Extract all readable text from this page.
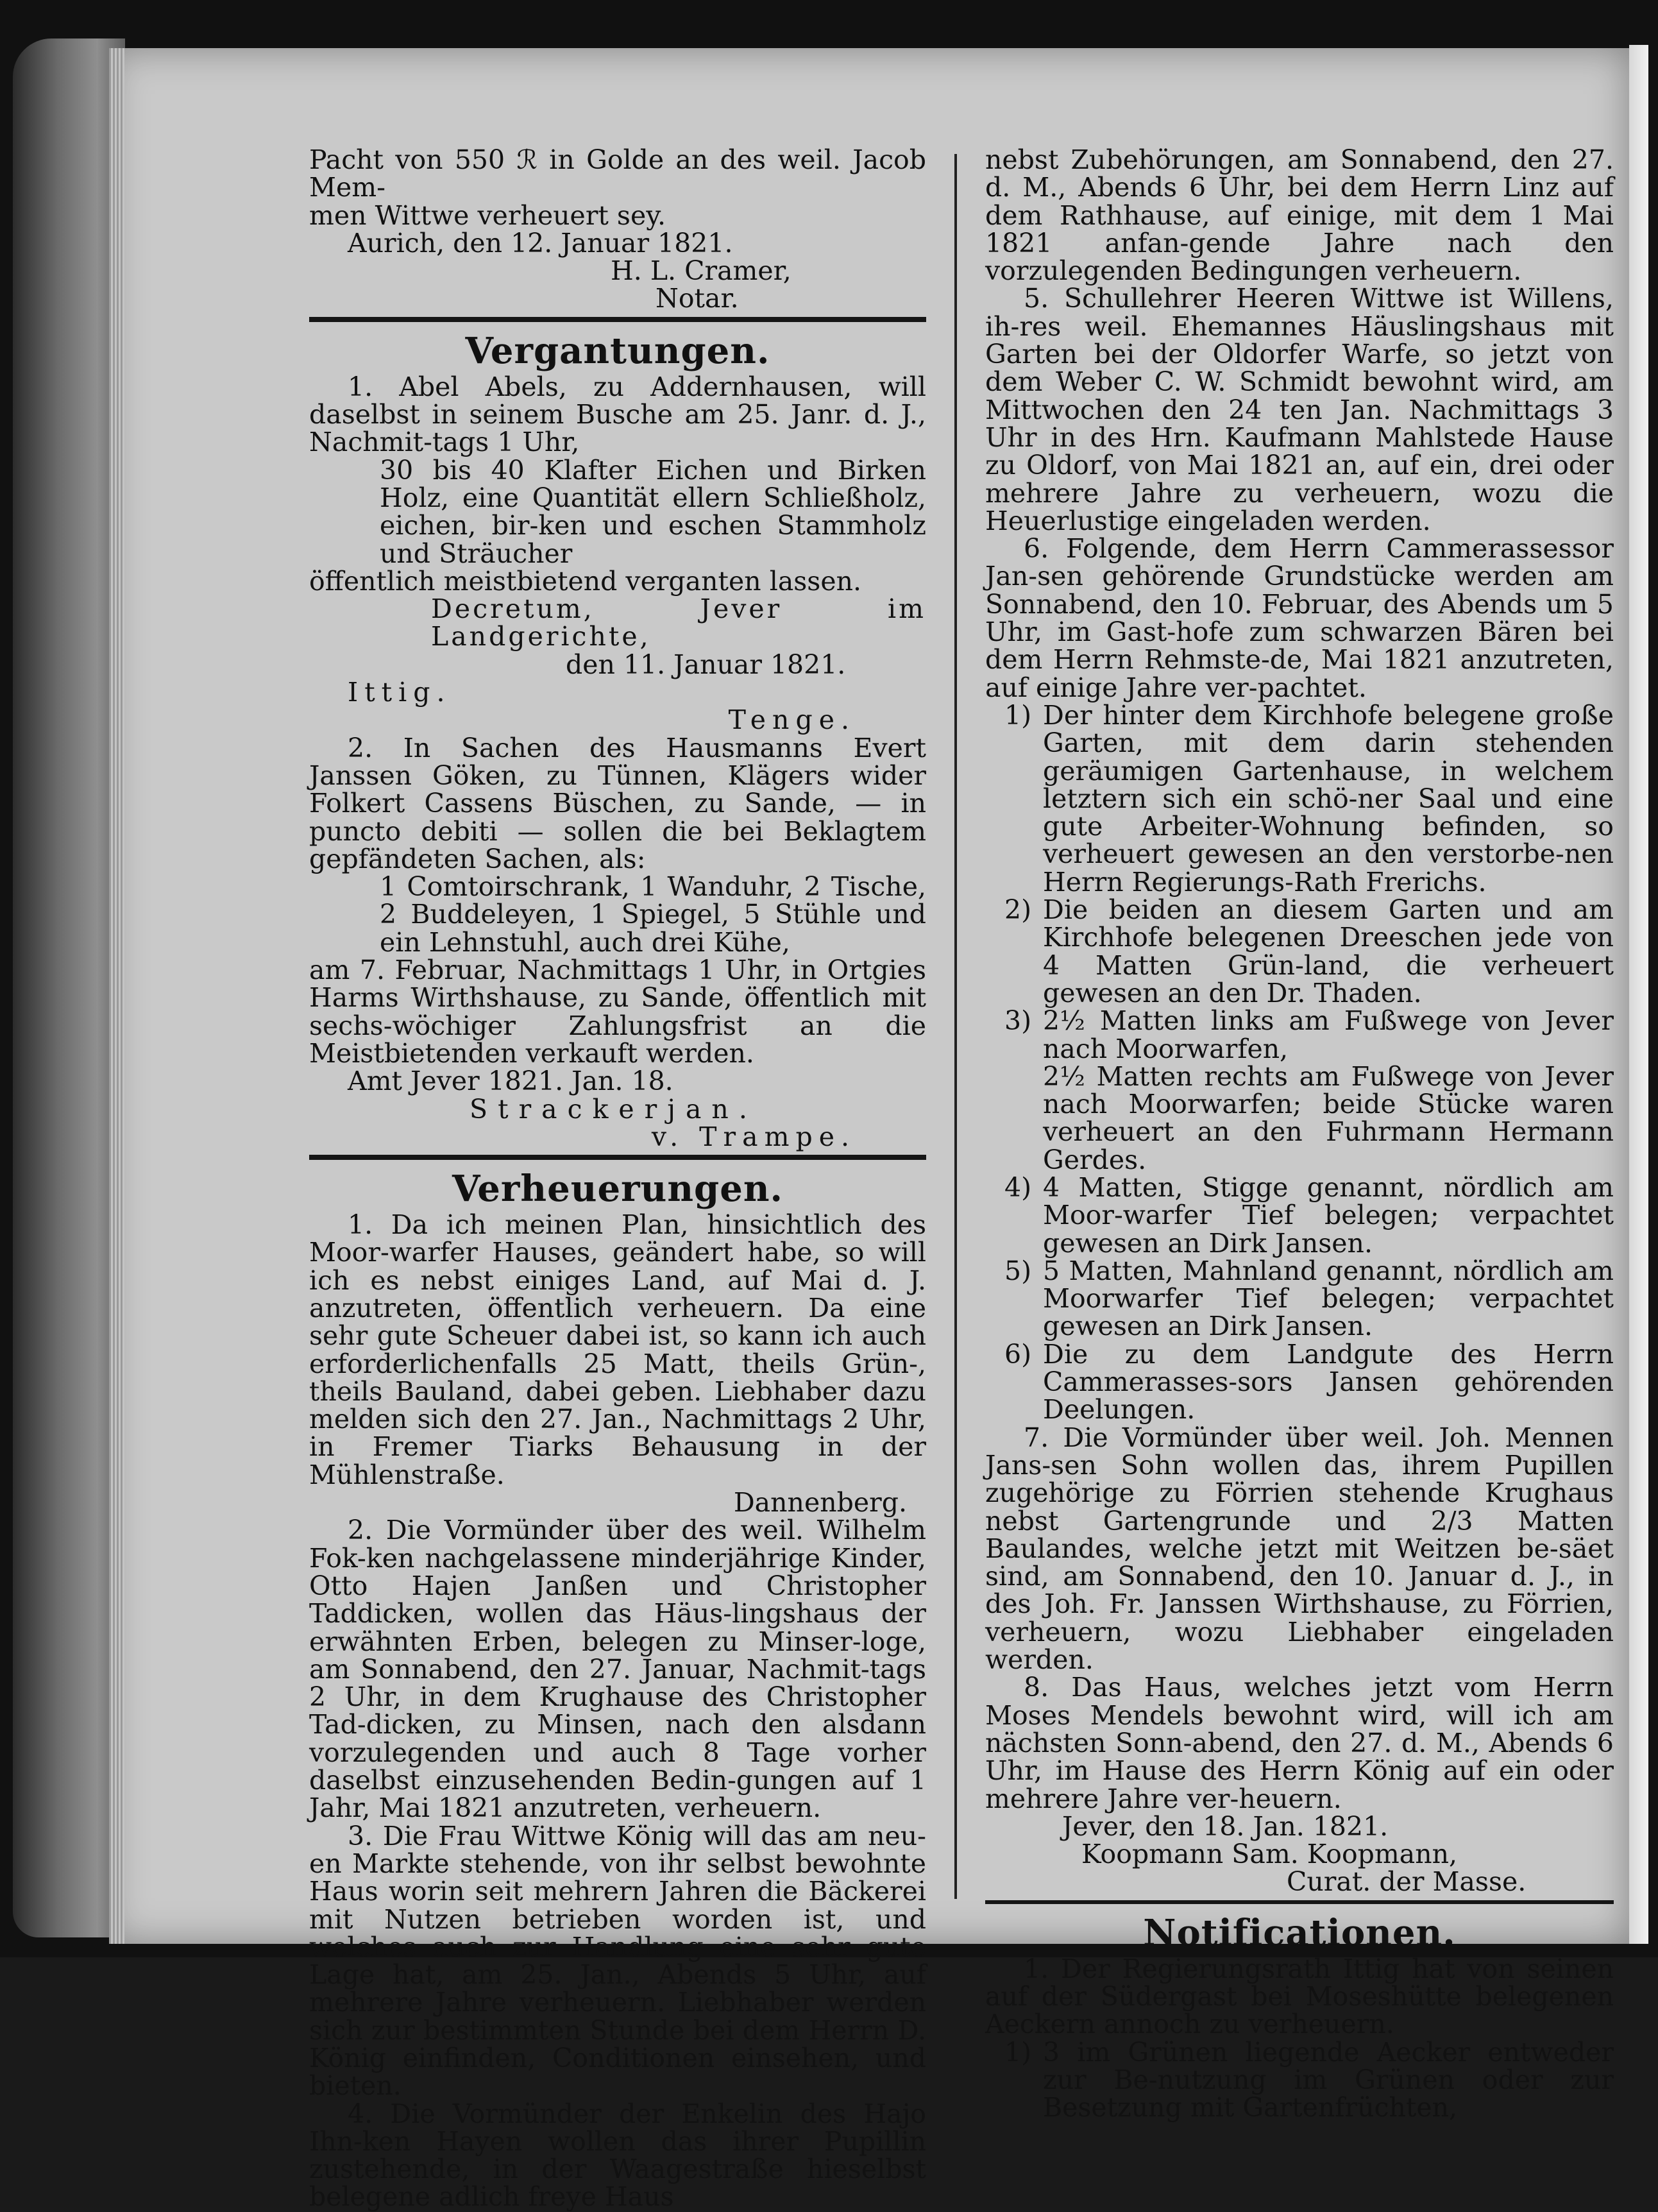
Pacht von 550 ℛ in Golde an des weil. Jacob Mem-

men Wittwe verheuert sey.

Aurich, den 12. Januar 1821.

H. L. Cramer,

Notar.

Vergantungen.

1. Abel Abels, zu Addernhausen, will daselbst in seinem Busche am 25. Janr. d. J., Nachmit-tags 1 Uhr,

30 bis 40 Klafter Eichen und Birken Holz, eine Quantität ellern Schließholz, eichen, bir-ken und eschen Stammholz und Sträucher

öffentlich meistbietend verganten lassen.

Decretum, Jever im Landgerichte,

den 11. Januar 1821.

Ittig.

Tenge.

2. In Sachen des Hausmanns Evert Janssen Göken, zu Tünnen, Klägers wider Folkert Cassens Büschen, zu Sande, — in puncto debiti — sollen die bei Beklagtem gepfändeten Sachen, als:

1 Comtoirschrank, 1 Wanduhr, 2 Tische, 2 Buddeleyen, 1 Spiegel, 5 Stühle und ein Lehnstuhl, auch drei Kühe,

am 7. Februar, Nachmittags 1 Uhr, in Ortgies Harms Wirthshause, zu Sande, öffentlich mit sechs-wöchiger Zahlungsfrist an die Meistbietenden verkauft werden.

Amt Jever 1821. Jan. 18.

Strackerjan.

v. Trampe.

Verheuerungen.

1. Da ich meinen Plan, hinsichtlich des Moor-warfer Hauses, geändert habe, so will ich es nebst einiges Land, auf Mai d. J. anzutreten, öffentlich verheuern. Da eine sehr gute Scheuer dabei ist, so kann ich auch erforderlichenfalls 25 Matt, theils Grün-, theils Bauland, dabei geben. Liebhaber dazu melden sich den 27. Jan., Nachmittags 2 Uhr, in Fremer Tiarks Behausung in der Mühlenstraße.

Dannenberg.

2. Die Vormünder über des weil. Wilhelm Fok-ken nachgelassene minderjährige Kinder, Otto Hajen Janßen und Christopher Taddicken, wollen das Häus-lingshaus der erwähnten Erben, belegen zu Minser-loge, am Sonnabend, den 27. Januar, Nachmit-tags 2 Uhr, in dem Krughause des Christopher Tad-dicken, zu Minsen, nach den alsdann vorzulegenden und auch 8 Tage vorher daselbst einzusehenden Bedin-gungen auf 1 Jahr, Mai 1821 anzutreten, verheuern.

3. Die Frau Wittwe König will das am neu-en Markte stehende, von ihr selbst bewohnte Haus worin seit mehrern Jahren die Bäckerei mit Nutzen betrieben worden ist, und welches auch zur Handlung eine sehr gute Lage hat, am 25. Jan., Abends 5 Uhr, auf mehrere Jahre verheuern. Liebhaber werden sich zur bestimmten Stunde bei dem Herrn D. König einfinden, Conditionen einsehen, und bieten.

4. Die Vormünder der Enkelin des Hajo Ihn-ken Hayen wollen das ihrer Pupillin zustehende, in der Waagestraße hieselbst belegene adlich freye Haus

nebst Zubehörungen, am Sonnabend, den 27. d. M., Abends 6 Uhr, bei dem Herrn Linz auf dem Rathhause, auf einige, mit dem 1 Mai 1821 anfan-gende Jahre nach den vorzulegenden Bedingungen verheuern.

5. Schullehrer Heeren Wittwe ist Willens, ih-res weil. Ehemannes Häuslingshaus mit Garten bei der Oldorfer Warfe, so jetzt von dem Weber C. W. Schmidt bewohnt wird, am Mittwochen den 24 ten Jan. Nachmittags 3 Uhr in des Hrn. Kaufmann Mahlstede Hause zu Oldorf, von Mai 1821 an, auf ein, drei oder mehrere Jahre zu verheuern, wozu die Heuerlustige eingeladen werden.

6. Folgende, dem Herrn Cammerassessor Jan-sen gehörende Grundstücke werden am Sonnabend, den 10. Februar, des Abends um 5 Uhr, im Gast-hofe zum schwarzen Bären bei dem Herrn Rehmste-de, Mai 1821 anzutreten, auf einige Jahre ver-pachtet.

1)	Der hinter dem Kirchhofe belegene große Garten, mit dem darin stehenden geräumigen Gartenhause, in welchem letztern sich ein schö-ner Saal und eine gute Arbeiter-Wohnung befinden, so verheuert gewesen an den verstorbe-nen Herrn Regierungs-Rath Frerichs.
2)	Die beiden an diesem Garten und am Kirchhofe belegenen Dreeschen jede von 4 Matten Grün-land, die verheuert gewesen an den Dr. Thaden.
3)	2½ Matten links am Fußwege von Jever nach Moorwarfen,
2½ Matten rechts am Fußwege von Jever nach Moorwarfen; beide Stücke waren verheuert an den Fuhrmann Hermann Gerdes.
4)	4 Matten, Stigge genannt, nördlich am Moor-warfer Tief belegen; verpachtet gewesen an Dirk Jansen.
5)	5 Matten, Mahnland genannt, nördlich am Moorwarfer Tief belegen; verpachtet gewesen an Dirk Jansen.
6)	Die zu dem Landgute des Herrn Cammerasses-sors Jansen gehörenden Deelungen.

7. Die Vormünder über weil. Joh. Mennen Jans-sen Sohn wollen das, ihrem Pupillen zugehörige zu Förrien stehende Krughaus nebst Gartengrunde und 2/3 Matten Baulandes, welche jetzt mit Weitzen be-säet sind, am Sonnabend, den 10. Januar d. J., in des Joh. Fr. Janssen Wirthshause, zu Förrien, verheuern, wozu Liebhaber eingeladen werden.

8. Das Haus, welches jetzt vom Herrn Moses Mendels bewohnt wird, will ich am nächsten Sonn-abend, den 27. d. M., Abends 6 Uhr, im Hause des Herrn König auf ein oder mehrere Jahre ver-heuern.

Jever, den 18. Jan. 1821.

Koopmann Sam. Koopmann,

Curat. der Masse.

Notificationen.

1. Der Regierungsrath Ittig hat von seinen auf der Südergast bei Moseshütte belegenen Aeckern annoch zu verheuern.

1)	3 im Grünen liegende Aecker entweder zur Be-nutzung im Grünen oder zur Besetzung mit Gartenfrüchten,
